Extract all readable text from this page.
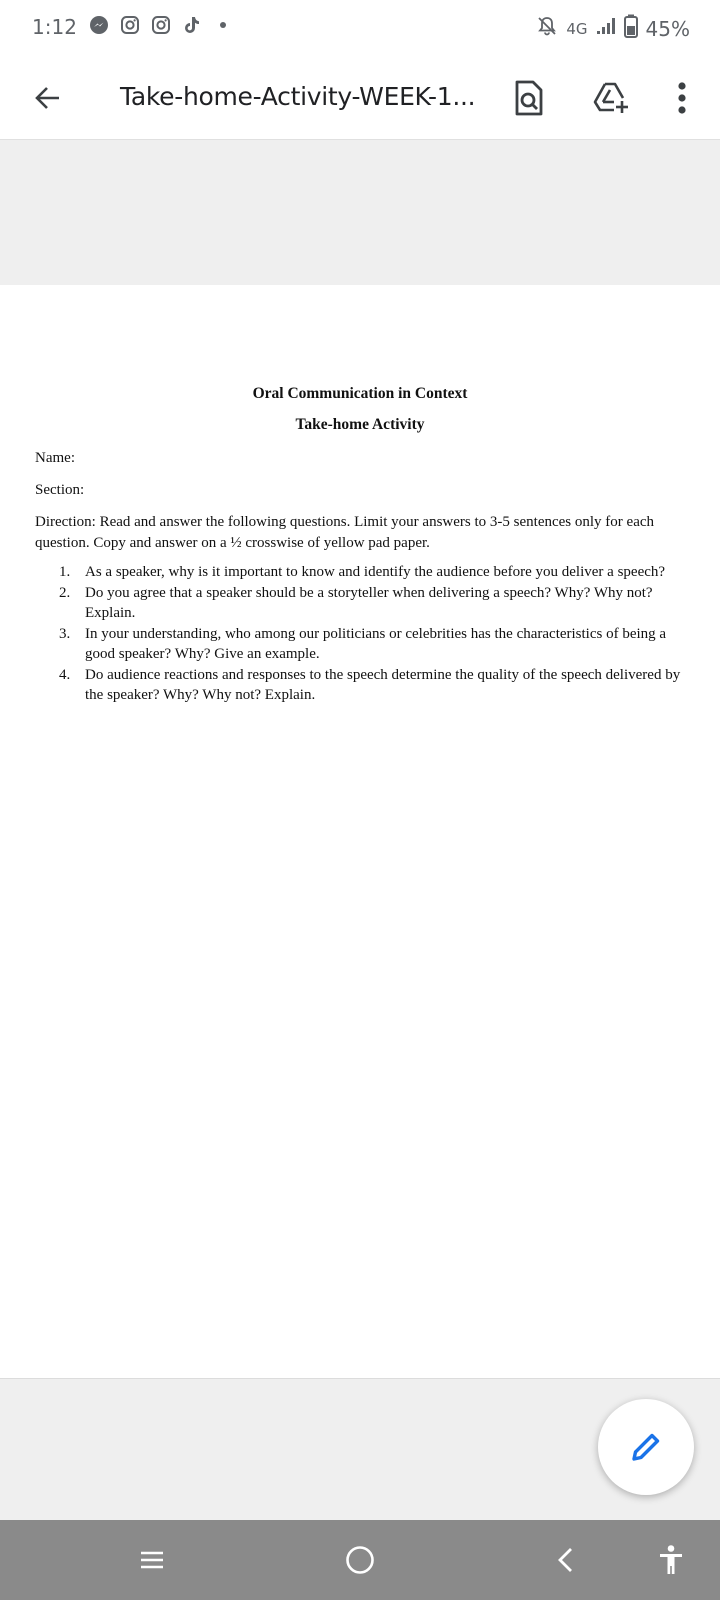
1:12	4G	45%
Take-home-Activity-WEEK-1...
Oral Communication in Context
Take-home Activity
Name:
Section:
Direction: Read and answer the following questions. Limit your answers to 3-5 sentences only for each question. Copy and answer on a ½ crosswise of yellow pad paper.
1. As a speaker, why is it important to know and identify the audience before you deliver a speech?
2. Do you agree that a speaker should be a storyteller when delivering a speech? Why? Why not? Explain.
3. In your understanding, who among our politicians or celebrities has the characteristics of being a good speaker? Why? Give an example.
4. Do audience reactions and responses to the speech determine the quality of the speech delivered by the speaker? Why? Why not? Explain.
